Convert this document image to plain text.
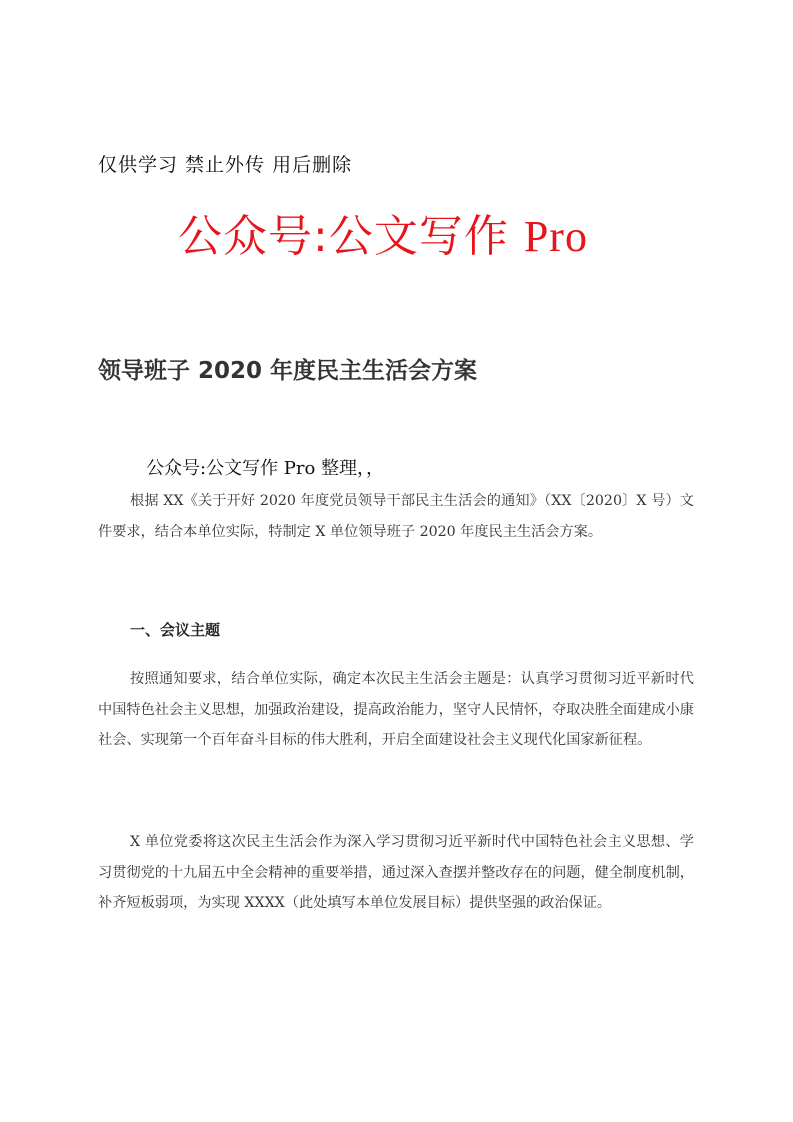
仅供学习 禁止外传 用后删除
公众号:公文写作 Pro
领导班子 2020 年度民主生活会方案
公众号:公文写作 Pro 整理，，

根据 XX《关于开好 2020 年度党员领导干部民主生活会的通知》（XX〔2020〕X 号）文件要求，结合本单位实际，特制定 X 单位领导班子 2020 年度民主生活会方案。

一、会议主题

按照通知要求，结合单位实际，确定本次民主生活会主题是：认真学习贯彻习近平新时代中国特色社会主义思想，加强政治建设，提高政治能力，坚守人民情怀，夺取决胜全面建成小康社会、实现第一个百年奋斗目标的伟大胜利，开启全面建设社会主义现代化国家新征程。

X 单位党委将这次民主生活会作为深入学习贯彻习近平新时代中国特色社会主义思想、学习贯彻党的十九届五中全会精神的重要举措，通过深入查摆并整改存在的问题，健全制度机制，补齐短板弱项，为实现 XXXX（此处填写本单位发展目标）提供坚强的政治保证。
